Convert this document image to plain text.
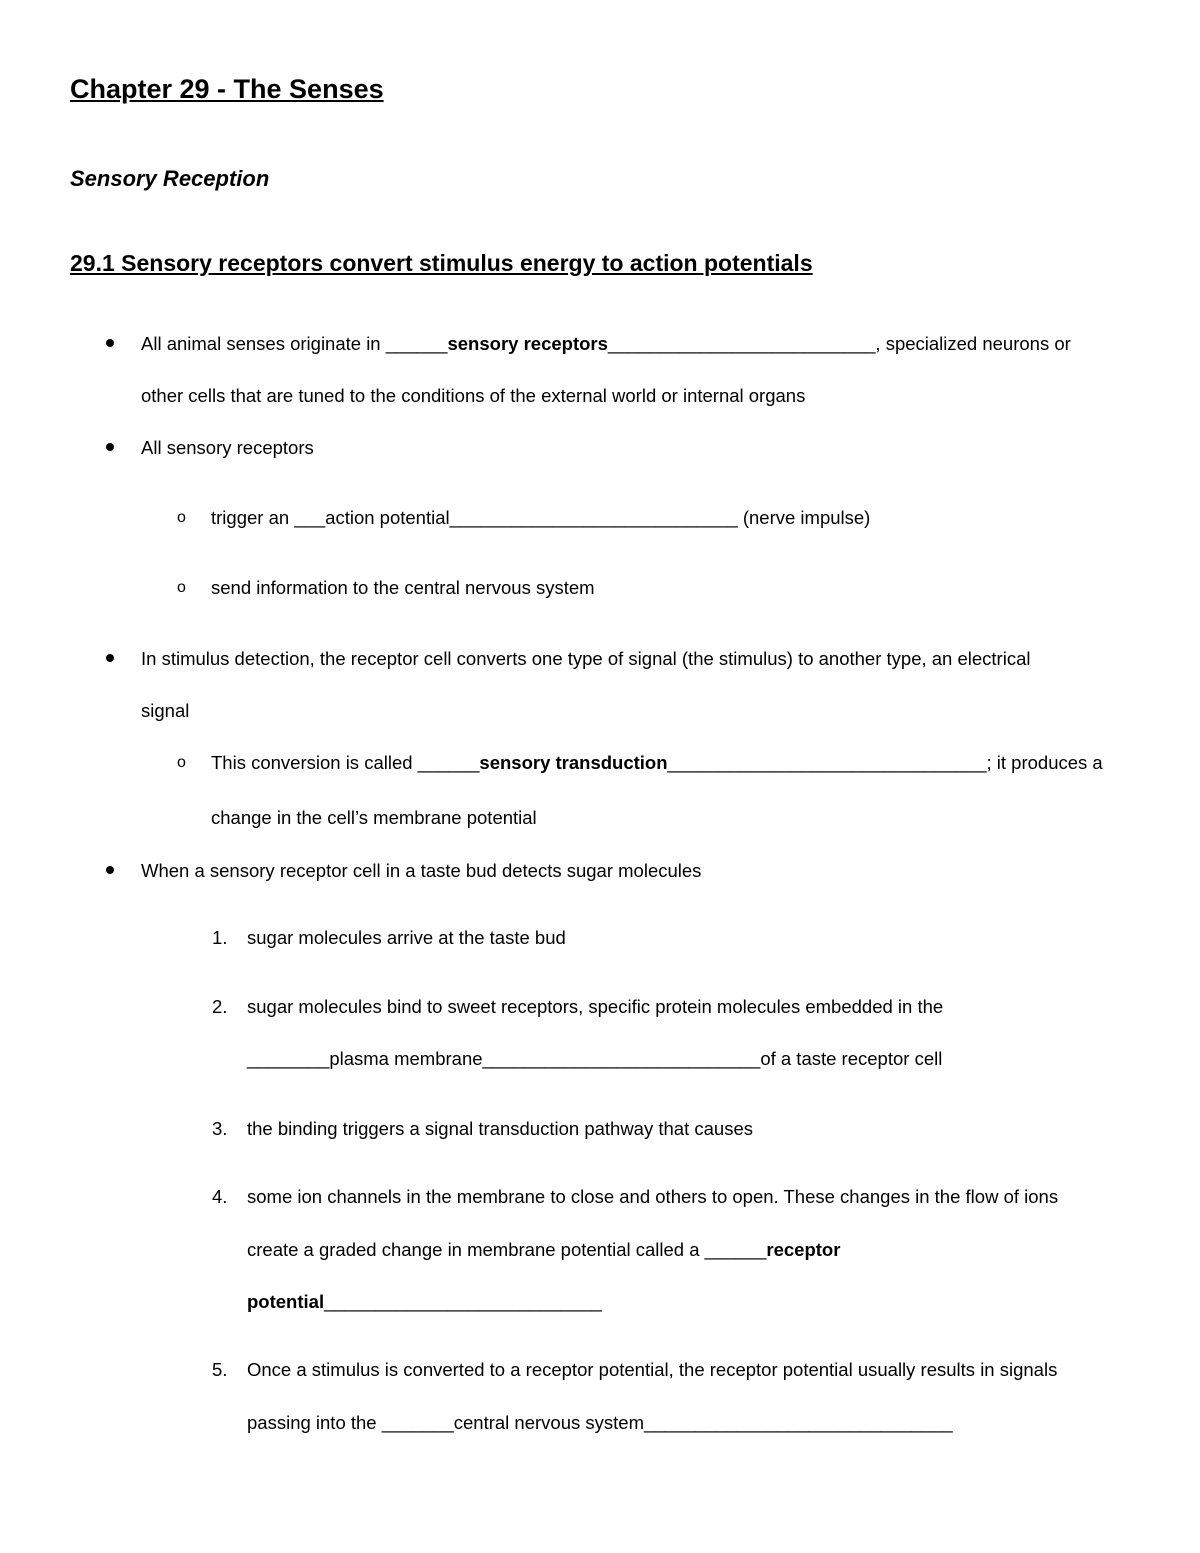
Chapter 29 - The Senses
Sensory Reception
29.1 Sensory receptors convert stimulus energy to action potentials
All animal senses originate in ______sensory receptors__________________________, specialized neurons or
other cells that are tuned to the conditions of the external world or internal organs
All sensory receptors
o trigger an ___action potential____________________________ (nerve impulse)
o send information to the central nervous system
In stimulus detection, the receptor cell converts one type of signal (the stimulus) to another type, an electrical
signal
o This conversion is called ______sensory transduction_______________________________; it produces a
change in the cell’s membrane potential
When a sensory receptor cell in a taste bud detects sugar molecules
1. sugar molecules arrive at the taste bud
2. sugar molecules bind to sweet receptors, specific protein molecules embedded in the
________plasma membrane___________________________of a taste receptor cell
3. the binding triggers a signal transduction pathway that causes
4. some ion channels in the membrane to close and others to open. These changes in the flow of ions
create a graded change in membrane potential called a ______receptor
potential___________________________
5. Once a stimulus is converted to a receptor potential, the receptor potential usually results in signals
passing into the _______central nervous system______________________________
